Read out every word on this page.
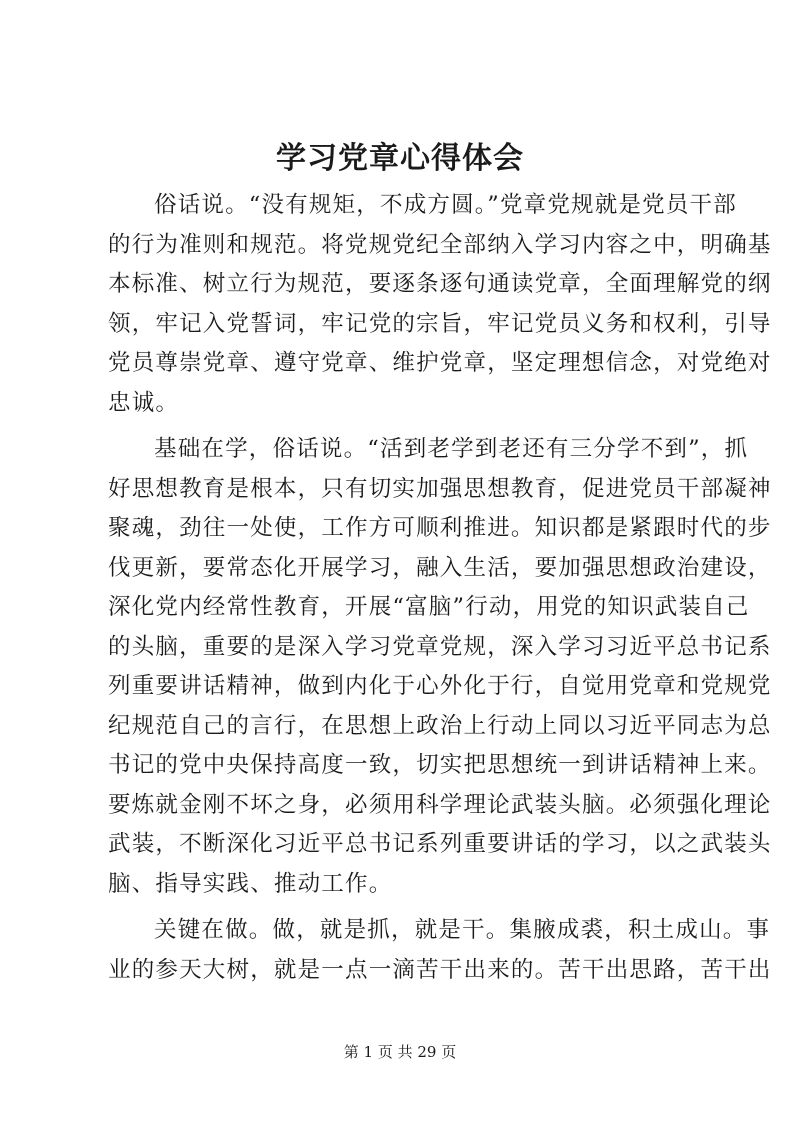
学习党章心得体会
俗话说。“没有规矩，不成方圆。”党章党规就是党员干部
的行为准则和规范。将党规党纪全部纳入学习内容之中，明确基
本标准、树立行为规范，要逐条逐句通读党章，全面理解党的纲
领，牢记入党誓词，牢记党的宗旨，牢记党员义务和权利，引导
党员尊崇党章、遵守党章、维护党章，坚定理想信念，对党绝对
忠诚。
基础在学，俗话说。“活到老学到老还有三分学不到”，抓
好思想教育是根本，只有切实加强思想教育，促进党员干部凝神
聚魂，劲往一处使，工作方可顺利推进。知识都是紧跟时代的步
伐更新，要常态化开展学习，融入生活，要加强思想政治建设，
深化党内经常性教育，开展“富脑”行动，用党的知识武装自己
的头脑，重要的是深入学习党章党规，深入学习习近平总书记系
列重要讲话精神，做到内化于心外化于行，自觉用党章和党规党
纪规范自己的言行，在思想上政治上行动上同以习近平同志为总
书记的党中央保持高度一致，切实把思想统一到讲话精神上来。
要炼就金刚不坏之身，必须用科学理论武装头脑。必须强化理论
武装，不断深化习近平总书记系列重要讲话的学习，以之武装头
脑、指导实践、推动工作。
关键在做。做，就是抓，就是干。集腋成裘，积土成山。事
业的参天大树，就是一点一滴苦干出来的。苦干出思路，苦干出
第 1 页 共 29 页
